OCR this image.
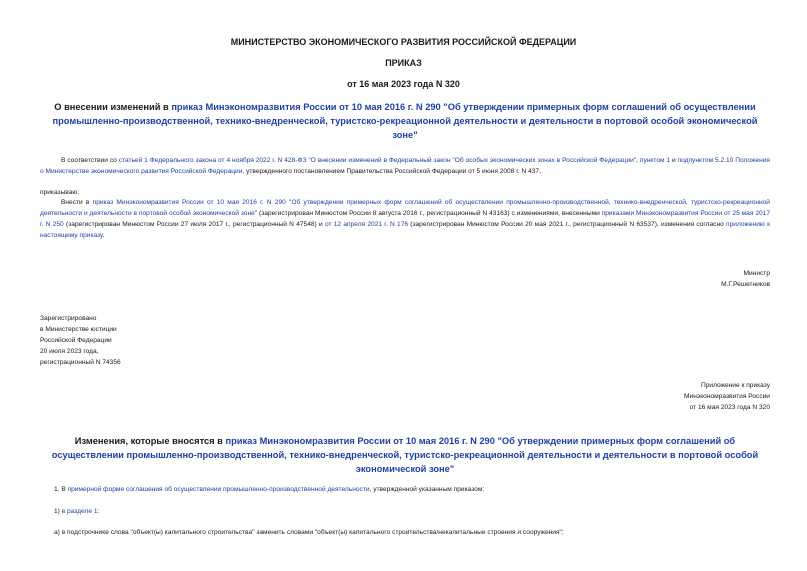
МИНИСТЕРСТВО ЭКОНОМИЧЕСКОГО РАЗВИТИЯ РОССИЙСКОЙ ФЕДЕРАЦИИ
ПРИКАЗ
от 16 мая 2023 года N 320
О внесении изменений в приказ Минэкономразвития России от 10 мая 2016 г. N 290 "Об утверждении примерных форм соглашений об осуществлении промышленно-производственной, технико-внедренческой, туристско-рекреационной деятельности и деятельности в портовой особой экономической зоне"
В соответствии со статьей 1 Федерального закона от 4 ноября 2022 г. N 428-ФЗ "О внесении изменений в Федеральный закон "Об особых экономических зонах в Российской Федерации", пунктом 1 и подпунктом 5.2.10 Положения о Министерстве экономического развития Российской Федерации, утвержденного постановлением Правительства Российской Федерации от 5 июня 2008 г. N 437,
приказываю:
Внести в приказ Минэкономразвития России от 10 мая 2016 г. N 290 "Об утверждении примерных форм соглашений об осуществлении промышленно-производственной, технико-внедренческой, туристско-рекреационной деятельности и деятельности в портовой особой экономической зоне" (зарегистрирован Минюстом России 8 августа 2016 г., регистрационный N 43163) с изменениями, внесенными приказами Минэкономразвития России от 25 мая 2017 г. N 250 (зарегистрирован Минюстом России 27 июля 2017 г., регистрационный N 47548) и от 12 апреля 2021 г. N 176 (зарегистрирован Минюстом России 20 мая 2021 г., регистрационный N 63537), изменения согласно приложению к настоящему приказу.
Министр
М.Г.Решетников
Зарегистрировано
в Министерстве юстиции
Российской Федерации
20 июля 2023 года,
регистрационный N 74356
Приложение к приказу
Минэкономразвития России
от 16 мая 2023 года N 320
Изменения, которые вносятся в приказ Минэкономразвития России от 10 мая 2016 г. N 290 "Об утверждении примерных форм соглашений об осуществлении промышленно-производственной, технико-внедренческой, туристско-рекреационной деятельности и деятельности в портовой особой экономической зоне"
1. В примерной форме соглашения об осуществлении промышленно-производственной деятельности, утвержденной указанным приказом:
1) в разделе 1:
а) в подстрочнике слова "объект(ы) капитального строительства" заменить словами "объект(ы) капитального строительства/некапитальные строения и сооружения";
